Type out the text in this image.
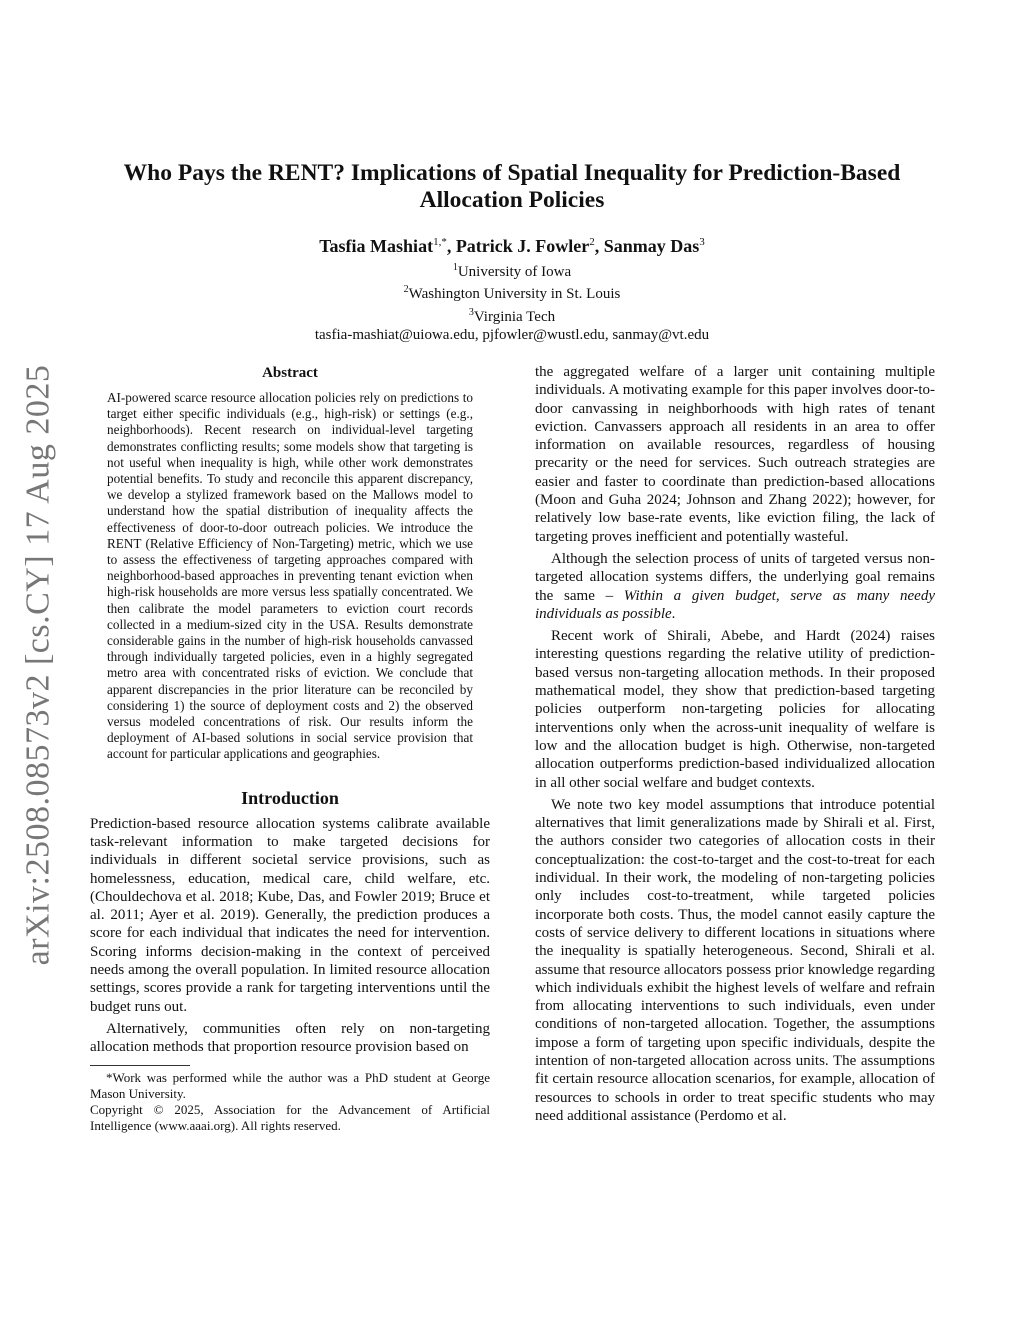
arXiv:2508.08573v2 [cs.CY] 17 Aug 2025
Who Pays the RENT? Implications of Spatial Inequality for Prediction-Based Allocation Policies
Tasfia Mashiat$^{1,*}$, Patrick J. Fowler$^2$, Sanmay Das$^3$
$^1$University of Iowa
$^2$Washington University in St. Louis
$^3$Virginia Tech
tasfia-mashiat@uiowa.edu, pjfowler@wustl.edu, sanmay@vt.edu
Abstract
AI-powered scarce resource allocation policies rely on predictions to target either specific individuals (e.g., high-risk) or settings (e.g., neighborhoods). Recent research on individual-level targeting demonstrates conflicting results; some models show that targeting is not useful when inequality is high, while other work demonstrates potential benefits. To study and reconcile this apparent discrepancy, we develop a stylized framework based on the Mallows model to understand how the spatial distribution of inequality affects the effectiveness of door-to-door outreach policies. We introduce the RENT (Relative Efficiency of Non-Targeting) metric, which we use to assess the effectiveness of targeting approaches compared with neighborhood-based approaches in preventing tenant eviction when high-risk households are more versus less spatially concentrated. We then calibrate the model parameters to eviction court records collected in a medium-sized city in the USA. Results demonstrate considerable gains in the number of high-risk households canvassed through individually targeted policies, even in a highly segregated metro area with concentrated risks of eviction. We conclude that apparent discrepancies in the prior literature can be reconciled by considering 1) the source of deployment costs and 2) the observed versus modeled concentrations of risk. Our results inform the deployment of AI-based solutions in social service provision that account for particular applications and geographies.
Introduction

Prediction-based resource allocation systems calibrate available task-relevant information to make targeted decisions for individuals in different societal service provisions, such as homelessness, education, medical care, child welfare, etc. (Chouldechova et al. 2018; Kube, Das, and Fowler 2019; Bruce et al. 2011; Ayer et al. 2019). Generally, the prediction produces a score for each individual that indicates the need for intervention. Scoring informs decision-making in the context of perceived needs among the overall population. In limited resource allocation settings, scores provide a rank for targeting interventions until the budget runs out.

Alternatively, communities often rely on non-targeting allocation methods that proportion resource provision based on

*Work was performed while the author was a PhD student at George Mason University.

Copyright © 2025, Association for the Advancement of Artificial Intelligence (www.aaai.org). All rights reserved.

the aggregated welfare of a larger unit containing multiple individuals. A motivating example for this paper involves door-to-door canvassing in neighborhoods with high rates of tenant eviction. Canvassers approach all residents in an area to offer information on available resources, regardless of housing precarity or the need for services. Such outreach strategies are easier and faster to coordinate than prediction-based allocations (Moon and Guha 2024; Johnson and Zhang 2022); however, for relatively low base-rate events, like eviction filing, the lack of targeting proves inefficient and potentially wasteful.

Although the selection process of units of targeted versus non-targeted allocation systems differs, the underlying goal remains the same – Within a given budget, serve as many needy individuals as possible.

Recent work of Shirali, Abebe, and Hardt (2024) raises interesting questions regarding the relative utility of prediction-based versus non-targeting allocation methods. In their proposed mathematical model, they show that prediction-based targeting policies outperform non-targeting policies for allocating interventions only when the across-unit inequality of welfare is low and the allocation budget is high. Otherwise, non-targeted allocation outperforms prediction-based individualized allocation in all other social welfare and budget contexts.

We note two key model assumptions that introduce potential alternatives that limit generalizations made by Shirali et al. First, the authors consider two categories of allocation costs in their conceptualization: the cost-to-target and the cost-to-treat for each individual. In their work, the modeling of non-targeting policies only includes cost-to-treatment, while targeted policies incorporate both costs. Thus, the model cannot easily capture the costs of service delivery to different locations in situations where the inequality is spatially heterogeneous. Second, Shirali et al. assume that resource allocators possess prior knowledge regarding which individuals exhibit the highest levels of welfare and refrain from allocating interventions to such individuals, even under conditions of non-targeted allocation. Together, the assumptions impose a form of targeting upon specific individuals, despite the intention of non-targeted allocation across units. The assumptions fit certain resource allocation scenarios, for example, allocation of resources to schools in order to treat specific students who may need additional assistance (Perdomo et al.
